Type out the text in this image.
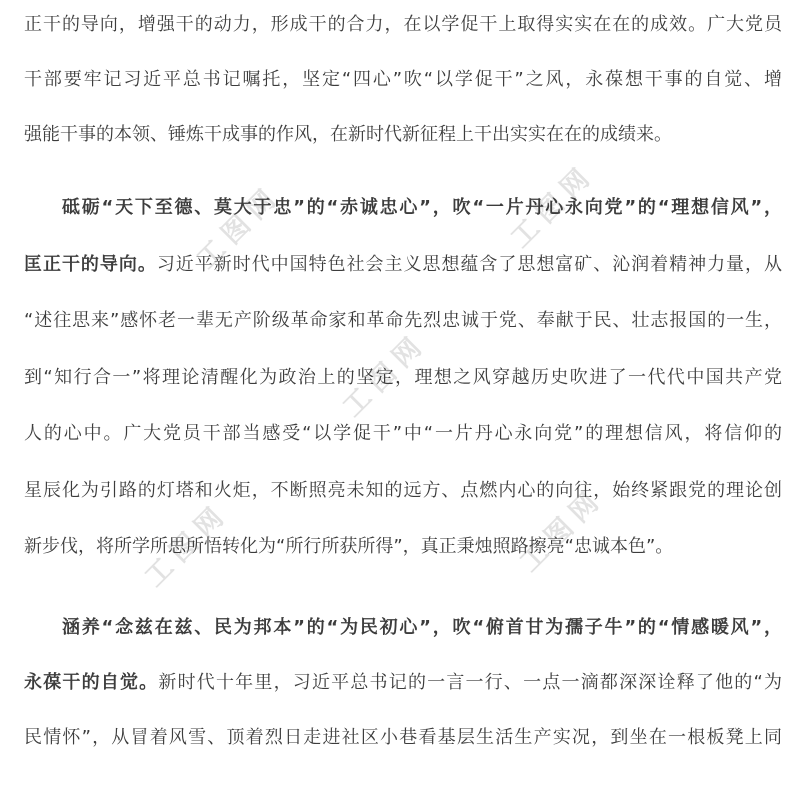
工图网	工图网
工图网
工图网
工图网
正干的导向，增强干的动力，形成干的合力，在以学促干上取得实实在在的成效。广大党员
干部要牢记习近平总书记嘱托，坚定“四心”吹“以学促干”之风，永葆想干事的自觉、增
强能干事的本领、锤炼干成事的作风，在新时代新征程上干出实实在在的成绩来。
砥砺“天下至德、莫大于忠”的“赤诚忠心”，吹“一片丹心永向党”的“理想信风”，
匡正干的导向。习近平新时代中国特色社会主义思想蕴含了思想富矿、沁润着精神力量，从
“述往思来”感怀老一辈无产阶级革命家和革命先烈忠诚于党、奉献于民、壮志报国的一生，
到“知行合一”将理论清醒化为政治上的坚定，理想之风穿越历史吹进了一代代中国共产党
人的心中。广大党员干部当感受“以学促干”中“一片丹心永向党”的理想信风，将信仰的
星辰化为引路的灯塔和火炬，不断照亮未知的远方、点燃内心的向往，始终紧跟党的理论创
新步伐，将所学所思所悟转化为“所行所获所得”，真正秉烛照路擦亮“忠诚本色”。
涵养“念兹在兹、民为邦本”的“为民初心”，吹“俯首甘为孺子牛”的“情感暖风”，
永葆干的自觉。新时代十年里，习近平总书记的一言一行、一点一滴都深深诠释了他的“为
民情怀”，从冒着风雪、顶着烈日走进社区小巷看基层生活生产实况，到坐在一根板凳上同
